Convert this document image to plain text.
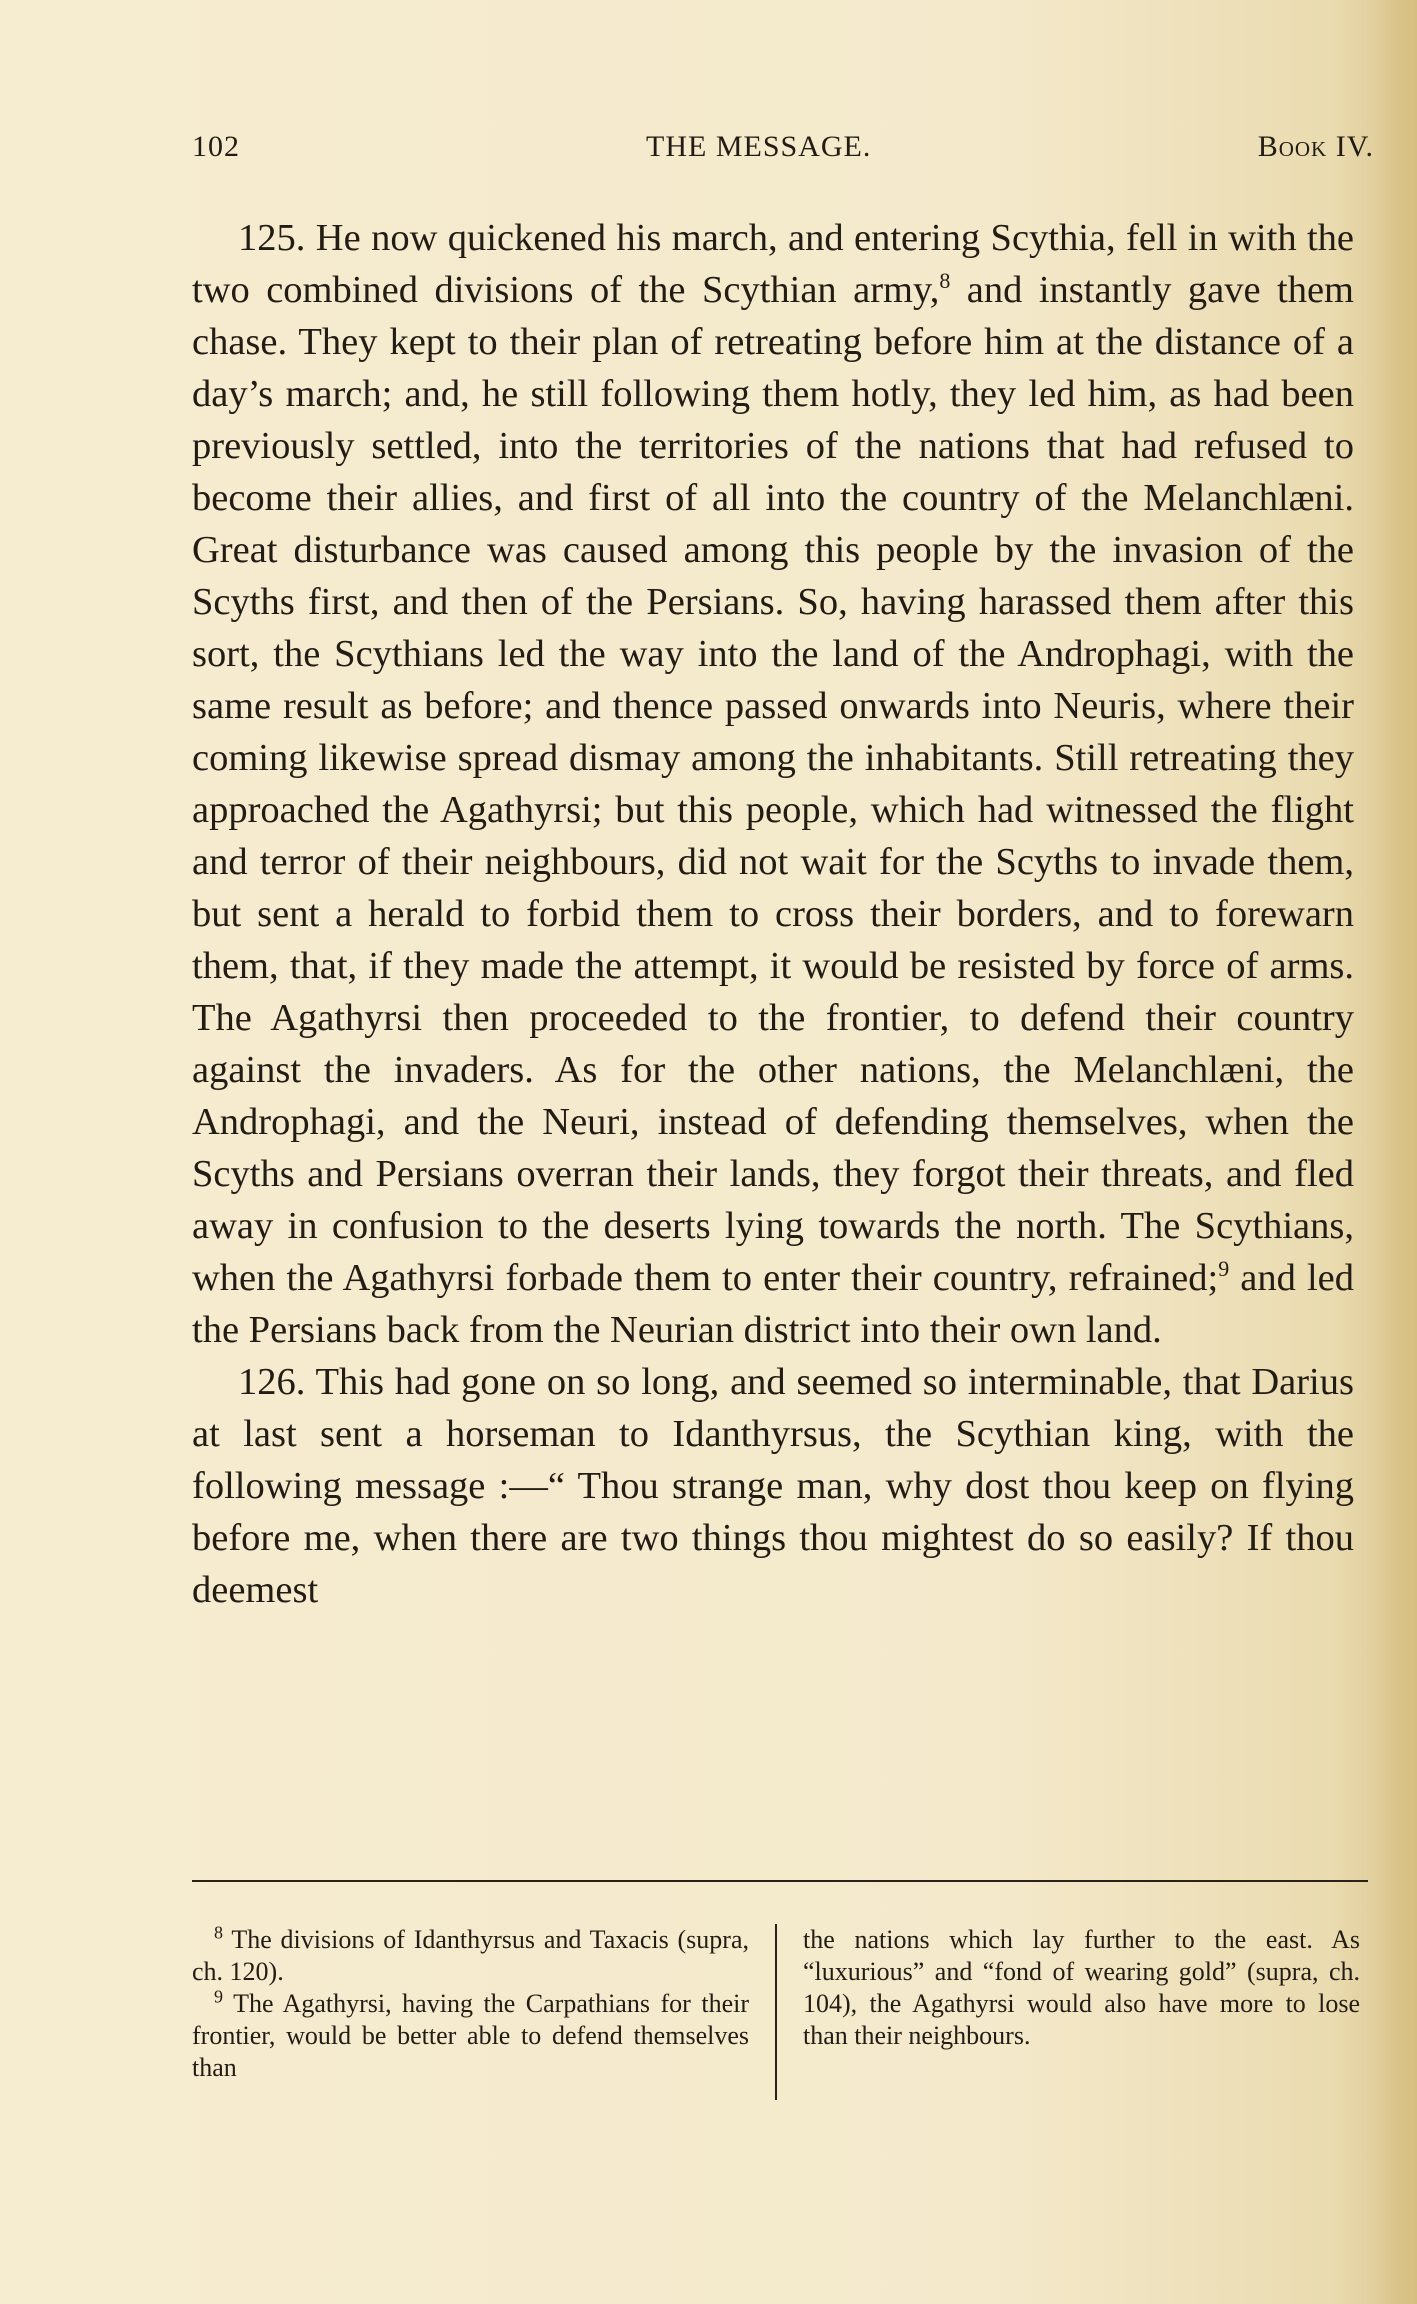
102	THE MESSAGE.	Book IV.

125. He now quickened his march, and entering Scythia, fell in with the two combined divisions of the Scythian army,$^8$ and instantly gave them chase. They kept to their plan of retreating before him at the distance of a day’s march; and, he still following them hotly, they led him, as had been previously settled, into the territories of the nations that had refused to become their allies, and first of all into the country of the Melanchlæni. Great disturbance was caused among this people by the invasion of the Scyths first, and then of the Persians. So, having harassed them after this sort, the Scythians led the way into the land of the Androphagi, with the same result as before; and thence passed onwards into Neuris, where their coming likewise spread dismay among the inhabitants. Still retreating they approached the Agathyrsi; but this people, which had witnessed the flight and terror of their neighbours, did not wait for the Scyths to invade them, but sent a herald to forbid them to cross their borders, and to forewarn them, that, if they made the attempt, it would be resisted by force of arms. The Agathyrsi then proceeded to the frontier, to defend their country against the invaders. As for the other nations, the Melanchlæni, the Androphagi, and the Neuri, instead of defending themselves, when the Scyths and Persians overran their lands, they forgot their threats, and fled away in confusion to the deserts lying towards the north. The Scythians, when the Agathyrsi forbade them to enter their country, refrained;$^9$ and led the Persians back from the Neurian district into their own land.

126. This had gone on so long, and seemed so interminable, that Darius at last sent a horseman to Idanthyrsus, the Scythian king, with the following message :—“ Thou strange man, why dost thou keep on flying before me, when there are two things thou mightest do so easily? If thou deemest

$^8$ The divisions of Idanthyrsus and Taxacis (supra, ch. 120).

$^9$ The Agathyrsi, having the Carpathians for their frontier, would be better able to defend themselves than

the nations which lay further to the east. As “luxurious” and “fond of wearing gold” (supra, ch. 104), the Agathyrsi would also have more to lose than their neighbours.
